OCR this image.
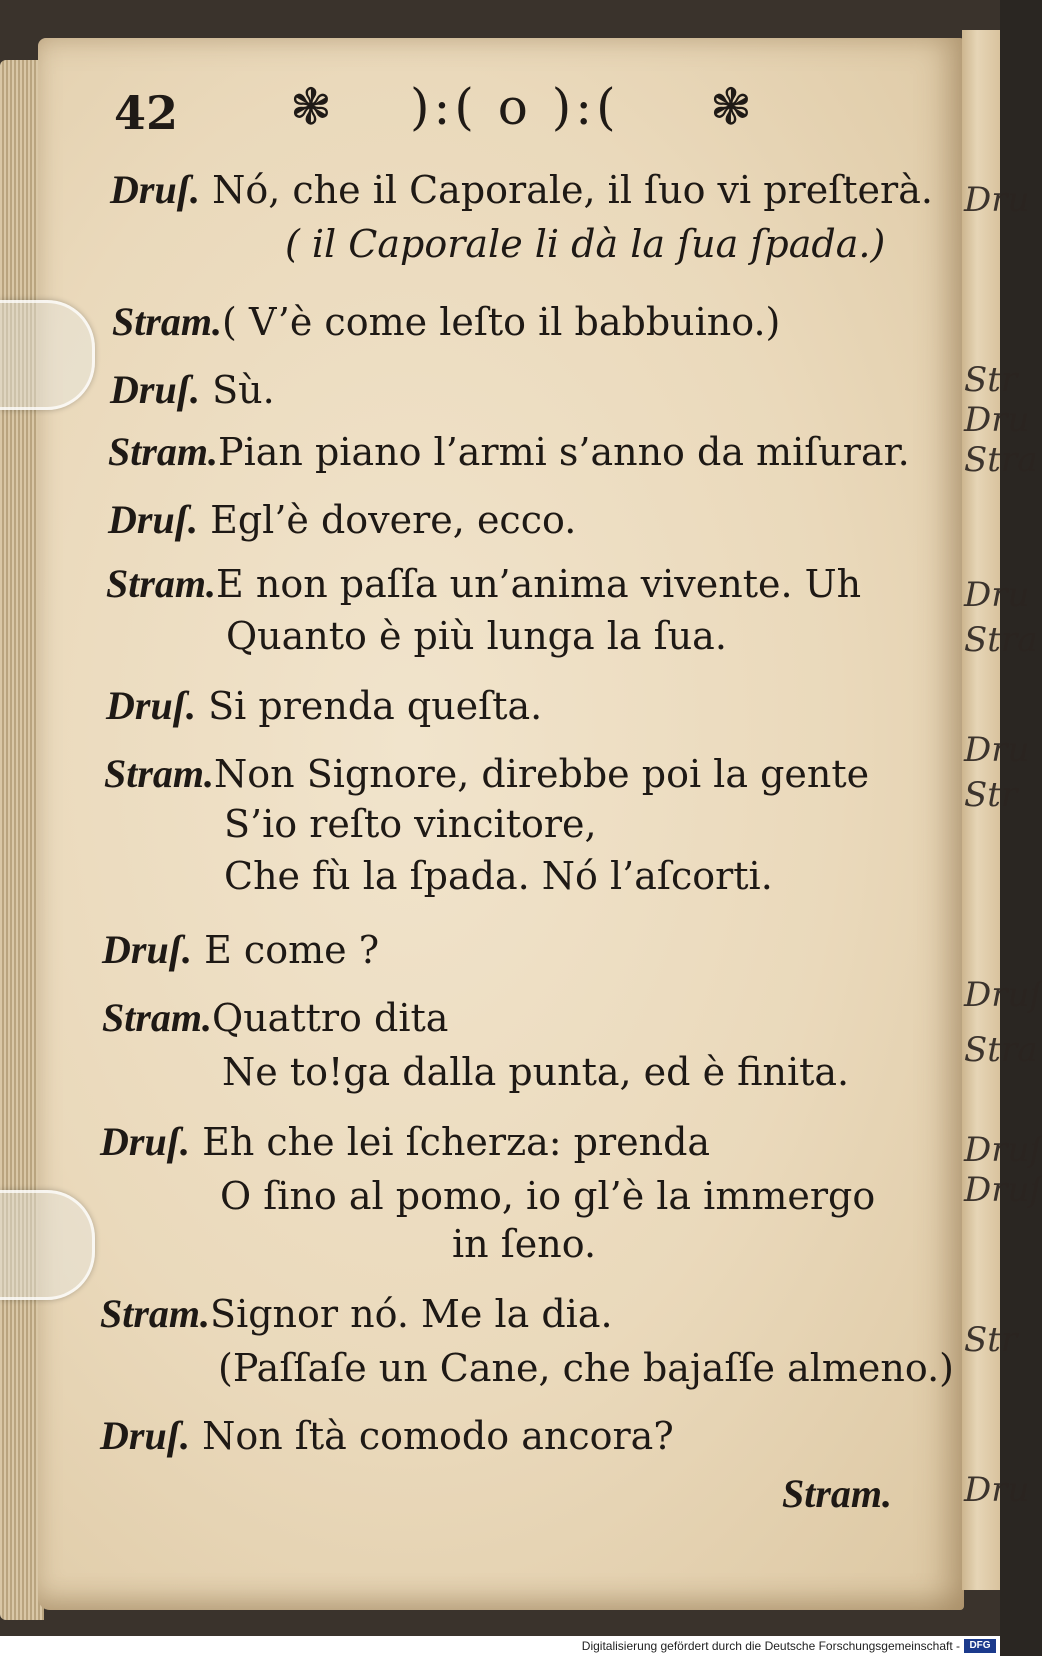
Dru
Str
Dru
Stra
Dru
Stra
Dru
Str
Druſ
Stra
Druſ
Druſ
Str
Dru
42 ❃ ):( o ):( ❃
Druſ. Nó, che il Caporale, il ſuo vi preſterà.
( il Caporale li dà la ſua ſpada.)
Stram.( V’è come leſto il babbuino.)
Druſ. Sù.
Stram.Pian piano l’armi s’anno da miſurar.
Druſ. Egl’è dovere, ecco.
Stram.E non paſſa un’anima vivente. Uh
Quanto è più lunga la ſua.
Druſ. Si prenda queſta.
Stram.Non Signore, direbbe poi la gente
S’io reſto vincitore,
Che fù la ſpada. Nó l’aſcorti.
Druſ. E come ?
Stram.Quattro dita
Ne to!ga dalla punta, ed è finita.
Druſ. Eh che lei ſcherza: prenda
O ſino al pomo, io gl’è la immergo
in ſeno.
Stram.Signor nó. Me la dia.
(Paſſaſe un Cane, che bajaſſe almeno.)
Druſ. Non ſtà comodo ancora?
Stram.
Digitalisierung gefördert durch die Deutsche Forschungsgemeinschaft - DFG
